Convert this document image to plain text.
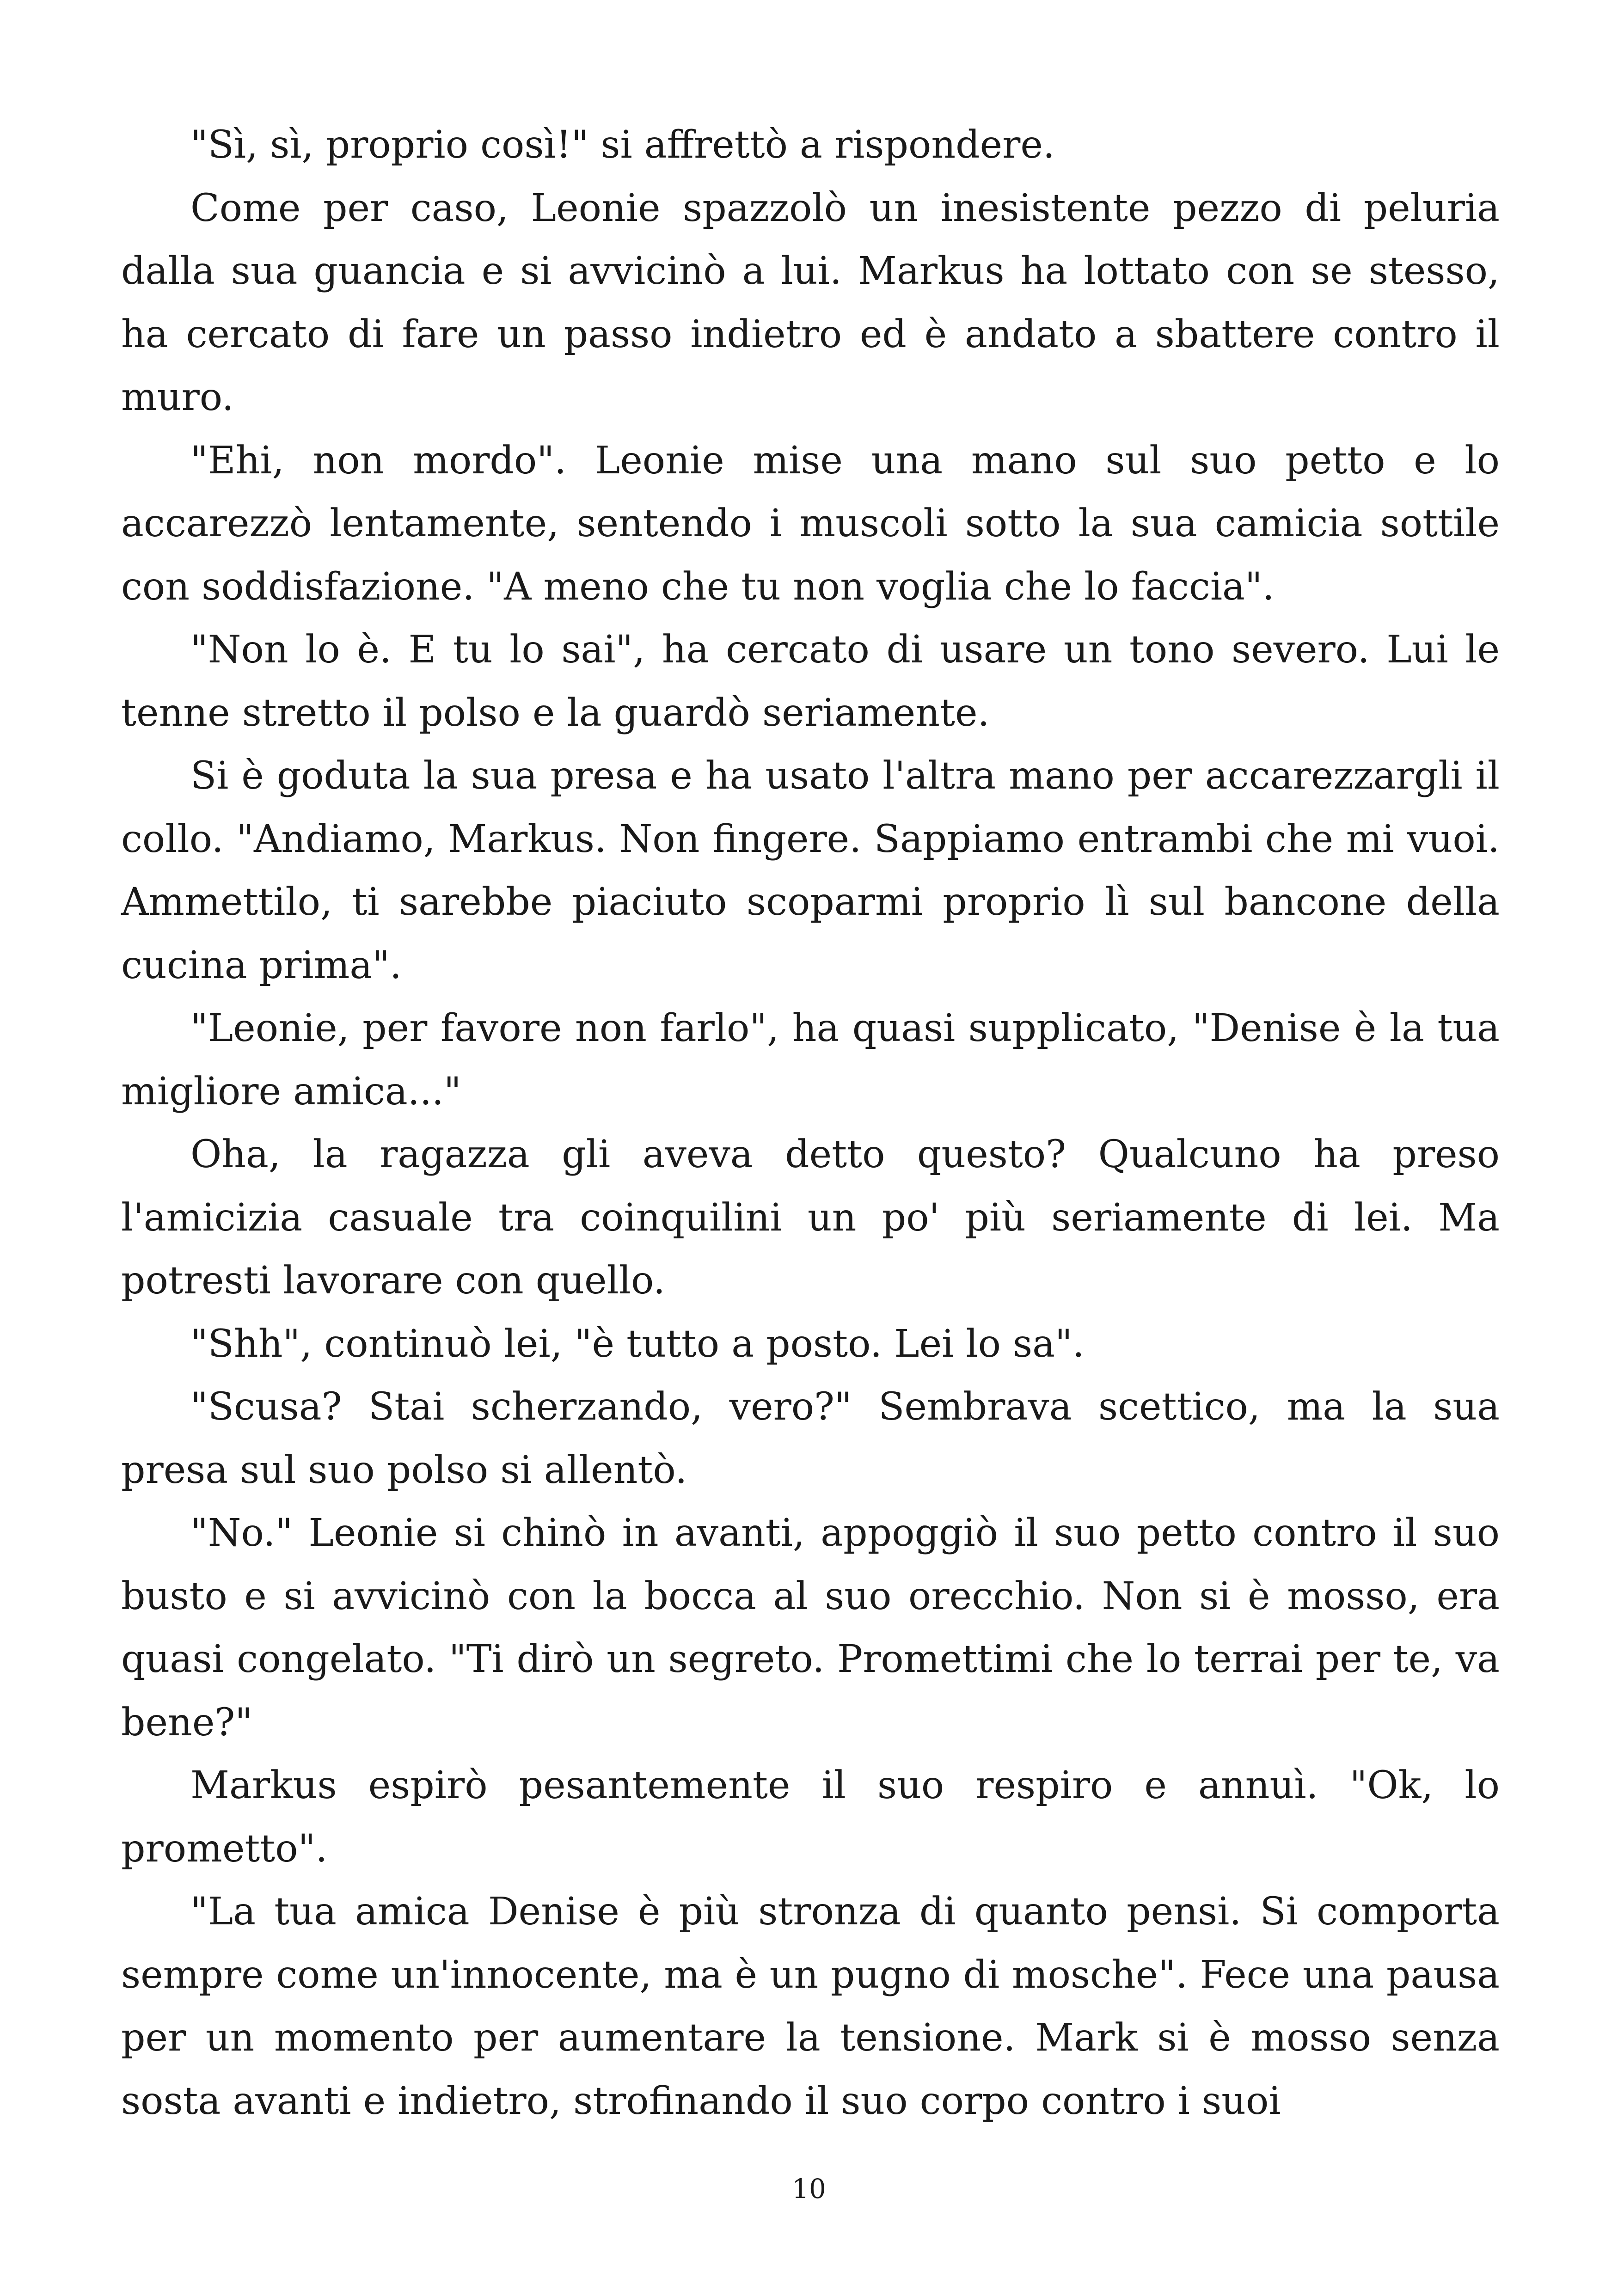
"Sì, sì, proprio così!" si affrettò a rispondere.

Come per caso, Leonie spazzolò un inesistente pezzo di peluria dalla sua guancia e si avvicinò a lui. Markus ha lottato con se stesso, ha cercato di fare un passo indietro ed è andato a sbattere contro il muro.

"Ehi, non mordo". Leonie mise una mano sul suo petto e lo accarezzò lentamente, sentendo i muscoli sotto la sua camicia sottile con soddisfazione. "A meno che tu non voglia che lo faccia".

"Non lo è. E tu lo sai", ha cercato di usare un tono severo. Lui le tenne stretto il polso e la guardò seriamente.

Si è goduta la sua presa e ha usato l'altra mano per accarezzargli il collo. "Andiamo, Markus. Non fingere. Sappiamo entrambi che mi vuoi. Ammettilo, ti sarebbe piaciuto scoparmi proprio lì sul bancone della cucina prima".

"Leonie, per favore non farlo", ha quasi supplicato, "Denise è la tua migliore amica..."

Oha, la ragazza gli aveva detto questo? Qualcuno ha preso l'amicizia casuale tra coinquilini un po' più seriamente di lei. Ma potresti lavorare con quello.

"Shh", continuò lei, "è tutto a posto. Lei lo sa".

"Scusa? Stai scherzando, vero?" Sembrava scettico, ma la sua presa sul suo polso si allentò.

"No." Leonie si chinò in avanti, appoggiò il suo petto contro il suo busto e si avvicinò con la bocca al suo orecchio. Non si è mosso, era quasi congelato. "Ti dirò un segreto. Promettimi che lo terrai per te, va bene?"

Markus espirò pesantemente il suo respiro e annuì. "Ok, lo prometto".

"La tua amica Denise è più stronza di quanto pensi. Si comporta sempre come un'innocente, ma è un pugno di mosche". Fece una pausa per un momento per aumentare la tensione. Mark si è mosso senza sosta avanti e indietro, strofinando il suo corpo contro i suoi

10
